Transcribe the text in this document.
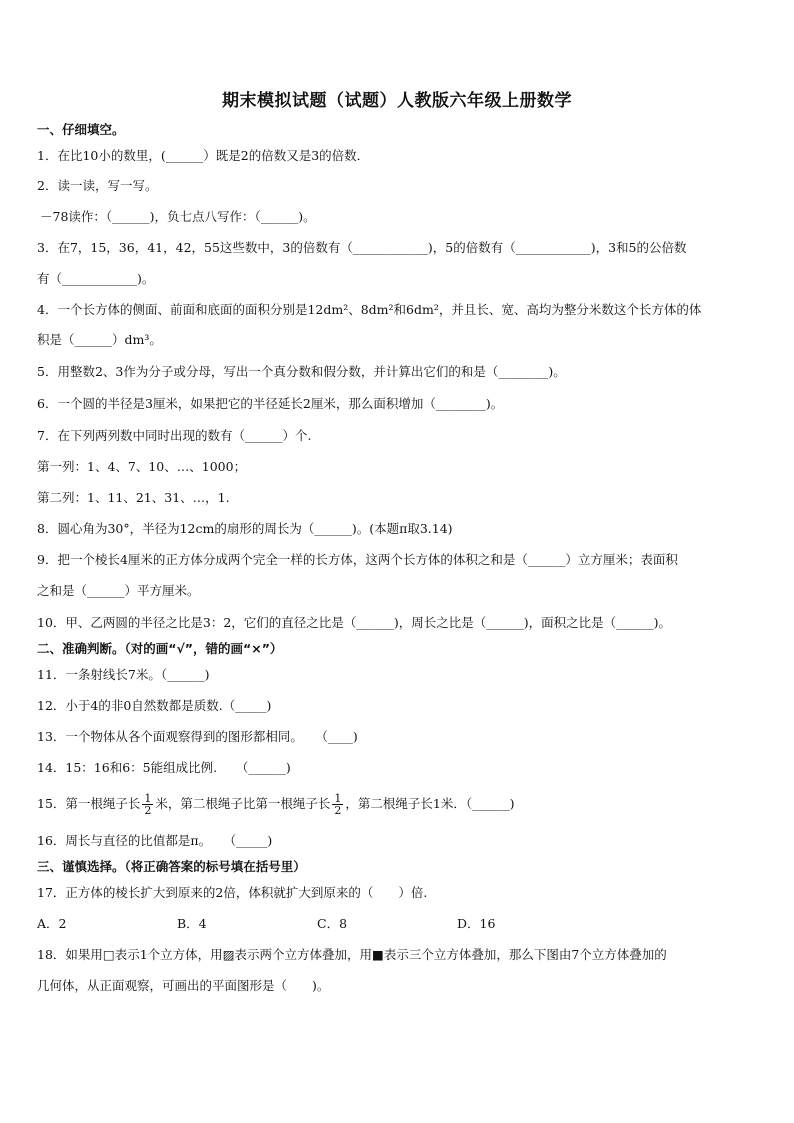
期末模拟试题（试题）人教版六年级上册数学
一、仔细填空。
1．在比10小的数里，(______）既是2的倍数又是3的倍数．
2．读一读，写一写。
－78读作：（______)，负七点八写作：（______)。
3．在7，15，36，41，42，55这些数中，3的倍数有（____________)，5的倍数有（____________)，3和5的公倍数
有（____________)。
4．一个长方体的侧面、前面和底面的面积分别是12dm²、8dm²和6dm²，并且长、宽、高均为整分米数这个长方体的体
积是（______）dm³。
5．用整数2、3作为分子或分母，写出一个真分数和假分数，并计算出它们的和是（________)。
6．一个圆的半径是3厘米，如果把它的半径延长2厘米，那么面积增加（________)。
7．在下列两列数中同时出现的数有（______）个.
第一列：1、4、7、10、…、1000；
第二列：1、11、21、31、…，1.
8．圆心角为30°，半径为12cm的扇形的周长为（______)。(本题π取3.14)
9．把一个棱长4厘米的正方体分成两个完全一样的长方体，这两个长方体的体积之和是（______）立方厘米；表面积
之和是（______）平方厘米。
10．甲、乙两圆的半径之比是3：2，它们的直径之比是（______)，周长之比是（______)，面积之比是（______)。
二、准确判断。（对的画“√”，错的画“×”）
11．一条射线长7米。（______)
12．小于4的非0自然数都是质数.（_____)
13．一个物体从各个面观察得到的图形都相同。　　（____)
14．15：16和6：5能组成比例.　　（______)
15．第一根绳子长 $\frac{1}{2}$ 米，第二根绳子比第一根绳子长 $\frac{1}{2}$ ，第二根绳子长1米．（______)
16．周长与直径的比值都是π。　　（_____)
三、谨慎选择。（将正确答案的标号填在括号里）
17．正方体的棱长扩大到原来的2倍，体积就扩大到原来的（　　）倍.
A．2	B．4	C．8	D．16
18．如果用□表示1个立方体，用▨表示两个立方体叠加，用■表示三个立方体叠加，那么下图由7个立方体叠加的
几何体，从正面观察，可画出的平面图形是（　　)。
